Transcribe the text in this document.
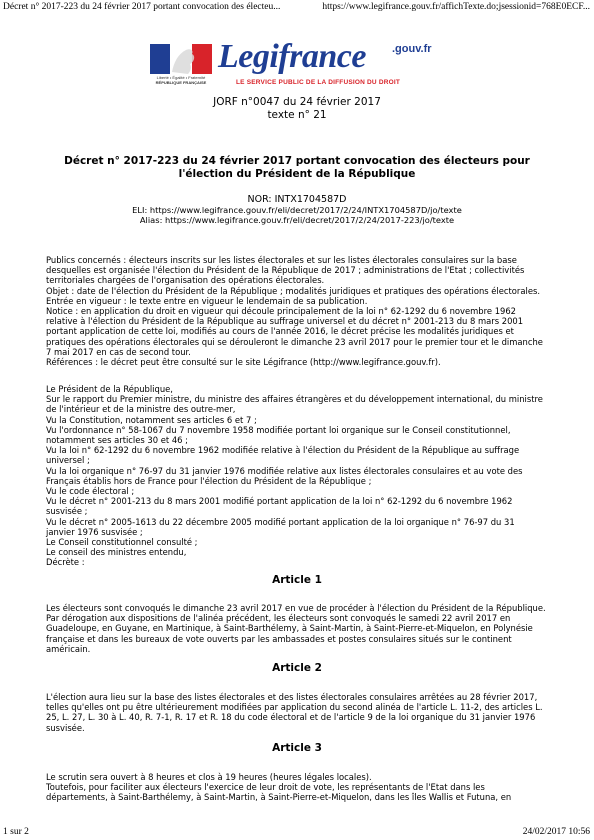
Décret n° 2017-223 du 24 février 2017 portant convocation des électeu...	https://www.legifrance.gouv.fr/affichTexte.do;jsessionid=768E0ECF...
Liberté • Égalité • Fraternité
RÉPUBLIQUE FRANÇAISE
Legifrance .gouv.fr
LE SERVICE PUBLIC DE LA DIFFUSION DU DROIT
JORF n°0047 du 24 février 2017
texte n° 21
Décret n° 2017-223 du 24 février 2017 portant convocation des électeurs pour l'élection du Président de la République
NOR: INTX1704587D
ELI: https://www.legifrance.gouv.fr/eli/decret/2017/2/24/INTX1704587D/jo/texte
Alias: https://www.legifrance.gouv.fr/eli/decret/2017/2/24/2017-223/jo/texte
Publics concernés : électeurs inscrits sur les listes électorales et sur les listes électorales consulaires sur la base
desquelles est organisée l'élection du Président de la République de 2017 ; administrations de l'Etat ; collectivités
territoriales chargées de l'organisation des opérations électorales.
Objet : date de l'élection du Président de la République ; modalités juridiques et pratiques des opérations électorales.
Entrée en vigueur : le texte entre en vigueur le lendemain de sa publication.
Notice : en application du droit en vigueur qui découle principalement de la loi n° 62-1292 du 6 novembre 1962
relative à l'élection du Président de la République au suffrage universel et du décret n° 2001-213 du 8 mars 2001
portant application de cette loi, modifiés au cours de l'année 2016, le décret précise les modalités juridiques et
pratiques des opérations électorales qui se dérouleront le dimanche 23 avril 2017 pour le premier tour et le dimanche
7 mai 2017 en cas de second tour.
Références : le décret peut être consulté sur le site Légifrance (http://www.legifrance.gouv.fr).
Le Président de la République,
Sur le rapport du Premier ministre, du ministre des affaires étrangères et du développement international, du ministre
de l'intérieur et de la ministre des outre-mer,
Vu la Constitution, notamment ses articles 6 et 7 ;
Vu l'ordonnance n° 58-1067 du 7 novembre 1958 modifiée portant loi organique sur le Conseil constitutionnel,
notamment ses articles 30 et 46 ;
Vu la loi n° 62-1292 du 6 novembre 1962 modifiée relative à l'élection du Président de la République au suffrage
universel ;
Vu la loi organique n° 76-97 du 31 janvier 1976 modifiée relative aux listes électorales consulaires et au vote des
Français établis hors de France pour l'élection du Président de la République ;
Vu le code électoral ;
Vu le décret n° 2001-213 du 8 mars 2001 modifié portant application de la loi n° 62-1292 du 6 novembre 1962
susvisée ;
Vu le décret n° 2005-1613 du 22 décembre 2005 modifié portant application de la loi organique n° 76-97 du 31
janvier 1976 susvisée ;
Le Conseil constitutionnel consulté ;
Le conseil des ministres entendu,
Décrète :
Article 1
Les électeurs sont convoqués le dimanche 23 avril 2017 en vue de procéder à l'élection du Président de la République.
Par dérogation aux dispositions de l'alinéa précédent, les électeurs sont convoqués le samedi 22 avril 2017 en
Guadeloupe, en Guyane, en Martinique, à Saint-Barthélemy, à Saint-Martin, à Saint-Pierre-et-Miquelon, en Polynésie
française et dans les bureaux de vote ouverts par les ambassades et postes consulaires situés sur le continent
américain.
Article 2
L'élection aura lieu sur la base des listes électorales et des listes électorales consulaires arrêtées au 28 février 2017,
telles qu'elles ont pu être ultérieurement modifiées par application du second alinéa de l'article L. 11-2, des articles L.
25, L. 27, L. 30 à L. 40, R. 7-1, R. 17 et R. 18 du code électoral et de l'article 9 de la loi organique du 31 janvier 1976
susvisée.
Article 3
Le scrutin sera ouvert à 8 heures et clos à 19 heures (heures légales locales).
Toutefois, pour faciliter aux électeurs l'exercice de leur droit de vote, les représentants de l'Etat dans les
départements, à Saint-Barthélemy, à Saint-Martin, à Saint-Pierre-et-Miquelon, dans les îles Wallis et Futuna, en
1 sur 2	24/02/2017 10:56
